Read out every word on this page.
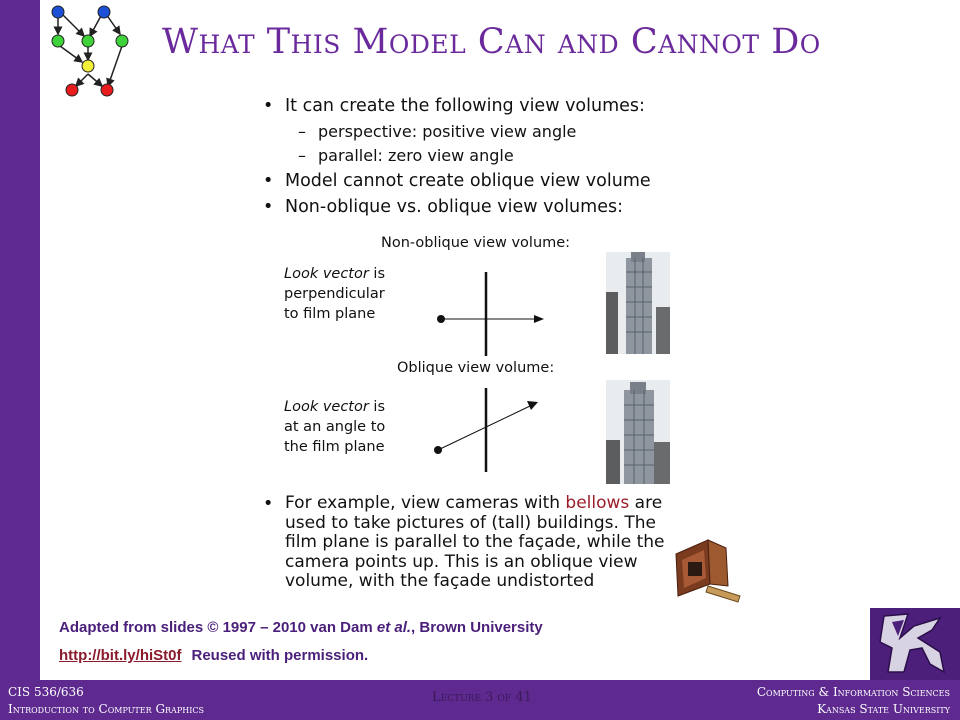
What This Model Can and Cannot Do
• It can create the following view volumes:
– perspective: positive view angle
– parallel: zero view angle
• Model cannot create oblique view volume
• Non-oblique vs. oblique view volumes:
Non-oblique view volume:
Look vector is
perpendicular
to film plane
Oblique view volume:
Look vector is
at an angle to
the film plane
• For example, view cameras with bellows are used to take pictures of (tall) buildings. The film plane is parallel to the façade, while the camera points up. This is an oblique view volume, with the façade undistorted
Adapted from slides © 1997 – 2010 van Dam et al., Brown University
http://bit.ly/hiSt0f Reused with permission.
CIS 536/636
Introduction to Computer Graphics
Lecture 3 of 41	Computing & Information Sciences
Kansas State University
